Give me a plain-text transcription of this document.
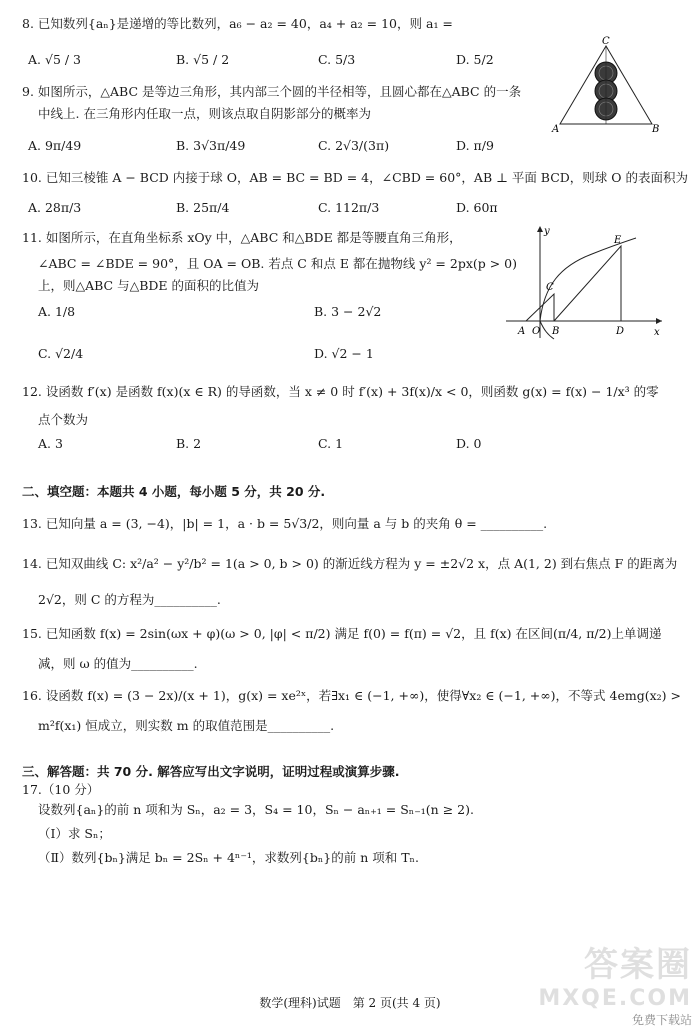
8. 已知数列{aₙ}是递增的等比数列，a₆ − a₂ = 40，a₄ + a₂ = 10，则 a₁ =
A. √5 / 3	B. √5 / 2	C. 5/3	D. 5/2
C
A	B
9. 如图所示，△ABC 是等边三角形，其内部三个圆的半径相等，且圆心都在△ABC 的一条
中线上. 在三角形内任取一点，则该点取自阴影部分的概率为
A. 9π/49	B. 3√3π/49	C. 2√3/(3π)	D. π/9
10. 已知三棱锥 A − BCD 内接于球 O，AB = BC = BD = 4，∠CBD = 60°，AB ⊥ 平面 BCD，则球 O 的表面积为
A. 28π/3	B. 25π/4	C. 112π/3	D. 60π
y
x
A O B
C
D
E
11. 如图所示，在直角坐标系 xOy 中，△ABC 和△BDE 都是等腰直角三角形，
∠ABC = ∠BDE = 90°，且 OA = OB. 若点 C 和点 E 都在抛物线 y² = 2px(p > 0)
上，则△ABC 与△BDE 的面积的比值为
A. 1/8	B. 3 − 2√2
C. √2/4	D. √2 − 1
12. 设函数 f′(x) 是函数 f(x)(x ∈ R) 的导函数，当 x ≠ 0 时 f′(x) + 3f(x)/x < 0，则函数 g(x) = f(x) − 1/x³ 的零
点个数为
A. 3	B. 2	C. 1	D. 0
二、填空题：本题共 4 小题，每小题 5 分，共 20 分.
13. 已知向量 a = (3, −4)，|b| = 1，a · b = 5√3/2，则向量 a 与 b 的夹角 θ = __________.
14. 已知双曲线 C: x²/a² − y²/b² = 1(a > 0, b > 0) 的渐近线方程为 y = ±2√2 x，点 A(1, 2) 到右焦点 F 的距离为
2√2，则 C 的方程为__________.
15. 已知函数 f(x) = 2sin(ωx + φ)(ω > 0, |φ| < π/2) 满足 f(0) = f(π) = √2，且 f(x) 在区间(π/4, π/2)上单调递
减，则 ω 的值为__________.
16. 设函数 f(x) = (3 − 2x)/(x + 1)，g(x) = xe²ˣ，若∃x₁ ∈ (−1, +∞)，使得∀x₂ ∈ (−1, +∞)，不等式 4emg(x₂) >
m²f(x₁) 恒成立，则实数 m 的取值范围是__________.
三、解答题：共 70 分. 解答应写出文字说明，证明过程或演算步骤.
17.（10 分）
设数列{aₙ}的前 n 项和为 Sₙ，a₂ = 3，S₄ = 10，Sₙ − aₙ₊₁ = Sₙ₋₁(n ≥ 2).
（Ⅰ）求 Sₙ；
（Ⅱ）数列{bₙ}满足 bₙ = 2Sₙ + 4ⁿ⁻¹，求数列{bₙ}的前 n 项和 Tₙ.
数学(理科)试题　第 2 页(共 4 页)
答案圈
MXQE.COM
免费下载站
